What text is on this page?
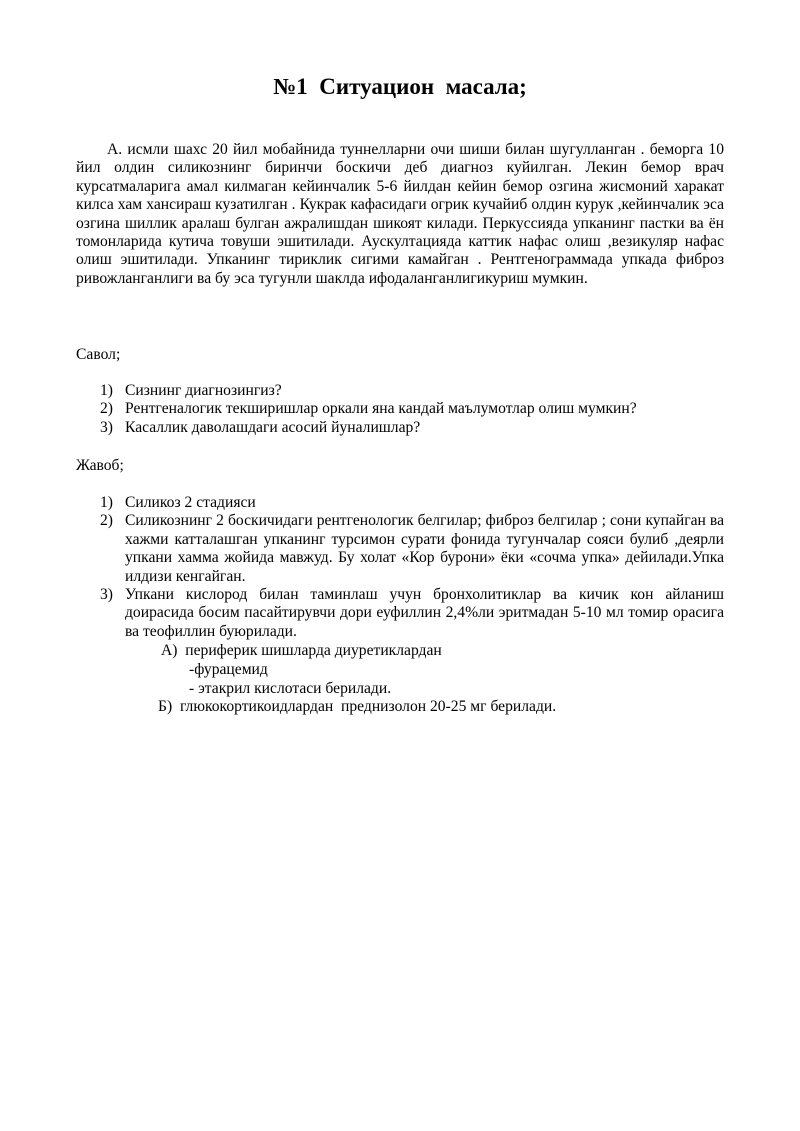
№1  Ситуацион  масала;

А. исмли шахс 20 йил мобайнида туннелларни очи шиши билан шугулланган . беморга 10 йил олдин силикознинг биринчи боскичи деб диагноз куйилган. Лекин бемор врач курсатмаларига амал килмаган кейинчалик 5-6 йилдан кейин бемор озгина жисмоний харакат килса хам хансираш кузатилган . Кукрак кафасидаги огрик кучайиб олдин курук ,кейинчалик эса озгина шиллик аралаш булган ажралишдан шикоят килади. Перкуссияда упканинг пастки ва ён томонларида кутича товуши эшитилади. Аускултацияда каттик нафас олиш ,везикуляр нафас олиш эшитилади. Упканинг тириклик сигими камайган . Рентгенограммада упкада фиброз ривожланганлиги ва бу эса тугунли шаклда ифодаланганлигикуриш мумкин.

Савол;

1) Сизнинг диагнозингиз?
2) Рентгеналогик текширишлар оркали яна кандай маълумотлар олиш мумкин?
3) Касаллик даволашдаги асосий йуналишлар?

Жавоб;

1) Силикоз 2 стадияси
2) Силикознинг 2 боскичидаги рентгенологик белгилар; фиброз белгилар ; сони купайган ва хажми катталашган упканинг турсимон сурати фонида тугунчалар сояси булиб ,деярли упкани хамма жойида мавжуд. Бу холат «Кор бурони» ёки «сочма упка» дейилади.Упка илдизи кенгайган.
3) Упкани кислород билан таминлаш учун бронхолитиклар ва кичик кон айланиш доирасида босим пасайтирувчи дори еуфиллин 2,4%ли эритмадан 5-10 мл томир орасига ва теофиллин буюрилади.

А)  периферик шишларда диуретиклардан

-фурацемид

- этакрил кислотаси берилади.

Б)  глюкокортикоидлардан  преднизолон 20-25 мг берилади.
